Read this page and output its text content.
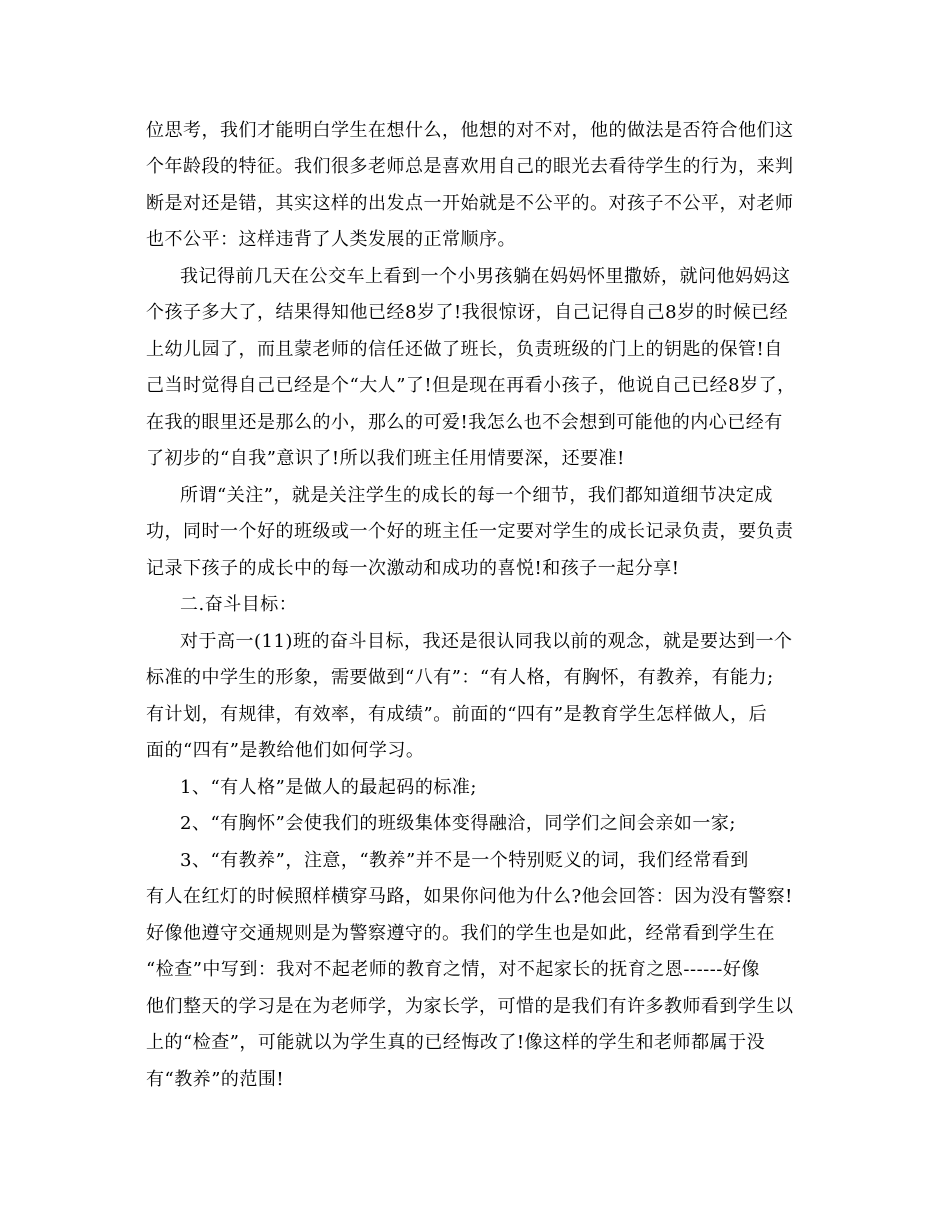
位思考，我们才能明白学生在想什么，他想的对不对，他的做法是否符合他们这
个年龄段的特征。我们很多老师总是喜欢用自己的眼光去看待学生的行为，来判
断是对还是错，其实这样的出发点一开始就是不公平的。对孩子不公平，对老师
也不公平：这样违背了人类发展的正常顺序。
我记得前几天在公交车上看到一个小男孩躺在妈妈怀里撒娇，就问他妈妈这
个孩子多大了，结果得知他已经8岁了!我很惊讶，自己记得自己8岁的时候已经
上幼儿园了，而且蒙老师的信任还做了班长，负责班级的门上的钥匙的保管!自
己当时觉得自己已经是个“大人”了!但是现在再看小孩子，他说自己已经8岁了，
在我的眼里还是那么的小，那么的可爱!我怎么也不会想到可能他的内心已经有
了初步的“自我”意识了!所以我们班主任用情要深，还要准!
所谓“关注”，就是关注学生的成长的每一个细节，我们都知道细节决定成
功，同时一个好的班级或一个好的班主任一定要对学生的成长记录负责，要负责
记录下孩子的成长中的每一次激动和成功的喜悦!和孩子一起分享!
二.奋斗目标：
对于高一(11)班的奋斗目标，我还是很认同我以前的观念，就是要达到一个
标准的中学生的形象，需要做到“八有”：“有人格，有胸怀，有教养，有能力;
有计划，有规律，有效率，有成绩”。前面的“四有”是教育学生怎样做人，后
面的“四有”是教给他们如何学习。
1、“有人格”是做人的最起码的标准;
2、“有胸怀”会使我们的班级集体变得融洽，同学们之间会亲如一家;
3、“有教养”，注意，“教养”并不是一个特别贬义的词，我们经常看到
有人在红灯的时候照样横穿马路，如果你问他为什么?他会回答：因为没有警察!
好像他遵守交通规则是为警察遵守的。我们的学生也是如此，经常看到学生在
“检查”中写到：我对不起老师的教育之情，对不起家长的抚育之恩------好像
他们整天的学习是在为老师学，为家长学，可惜的是我们有许多教师看到学生以
上的“检查”，可能就以为学生真的已经悔改了!像这样的学生和老师都属于没
有“教养”的范围!
